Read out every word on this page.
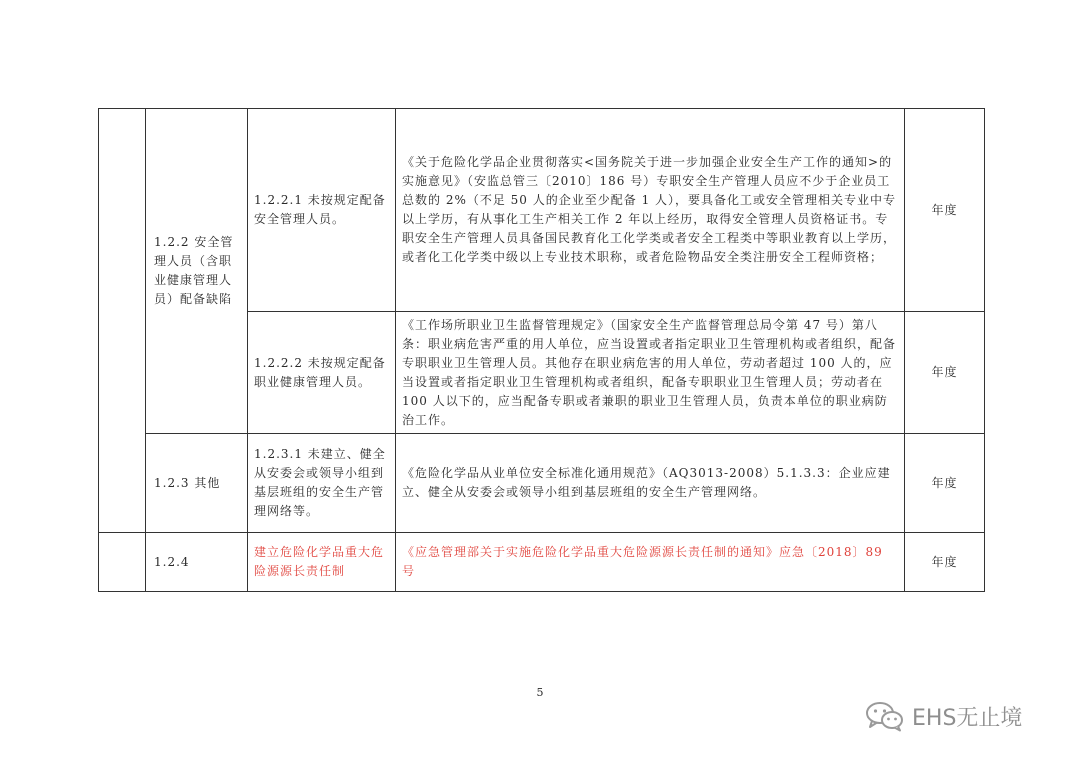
	1.2.2 安全管理人员（含职业健康管理人员）配备缺陷	1.2.2.1 未按规定配备安全管理人员。	《关于危险化学品企业贯彻落实<国务院关于进一步加强企业安全生产工作的通知>的实施意见》（安监总管三〔2010〕186 号）专职安全生产管理人员应不少于企业员工总数的 2%（不足 50 人的企业至少配备 1 人），要具备化工或安全管理相关专业中专以上学历，有从事化工生产相关工作 2 年以上经历，取得安全管理人员资格证书。专职安全生产管理人员具备国民教育化工化学类或者安全工程类中等职业教育以上学历，或者化工化学类中级以上专业技术职称，或者危险物品安全类注册安全工程师资格；	年度
		1.2.2.2 未按规定配备职业健康管理人员。	《工作场所职业卫生监督管理规定》（国家安全生产监督管理总局令第 47 号）第八条：职业病危害严重的用人单位，应当设置或者指定职业卫生管理机构或者组织，配备专职职业卫生管理人员。其他存在职业病危害的用人单位，劳动者超过 100 人的，应当设置或者指定职业卫生管理机构或者组织，配备专职职业卫生管理人员；劳动者在 100 人以下的，应当配备专职或者兼职的职业卫生管理人员，负责本单位的职业病防治工作。	年度
	1.2.3 其他	1.2.3.1 未建立、健全从安委会或领导小组到基层班组的安全生产管理网络等。	《危险化学品从业单位安全标准化通用规范》（AQ3013-2008）5.1.3.3：企业应建立、健全从安委会或领导小组到基层班组的安全生产管理网络。	年度
	1.2.4	建立危险化学品重大危险源源长责任制	《应急管理部关于实施危险化学品重大危险源源长责任制的通知》应急〔2018〕89 号	年度
5
EHS无止境
